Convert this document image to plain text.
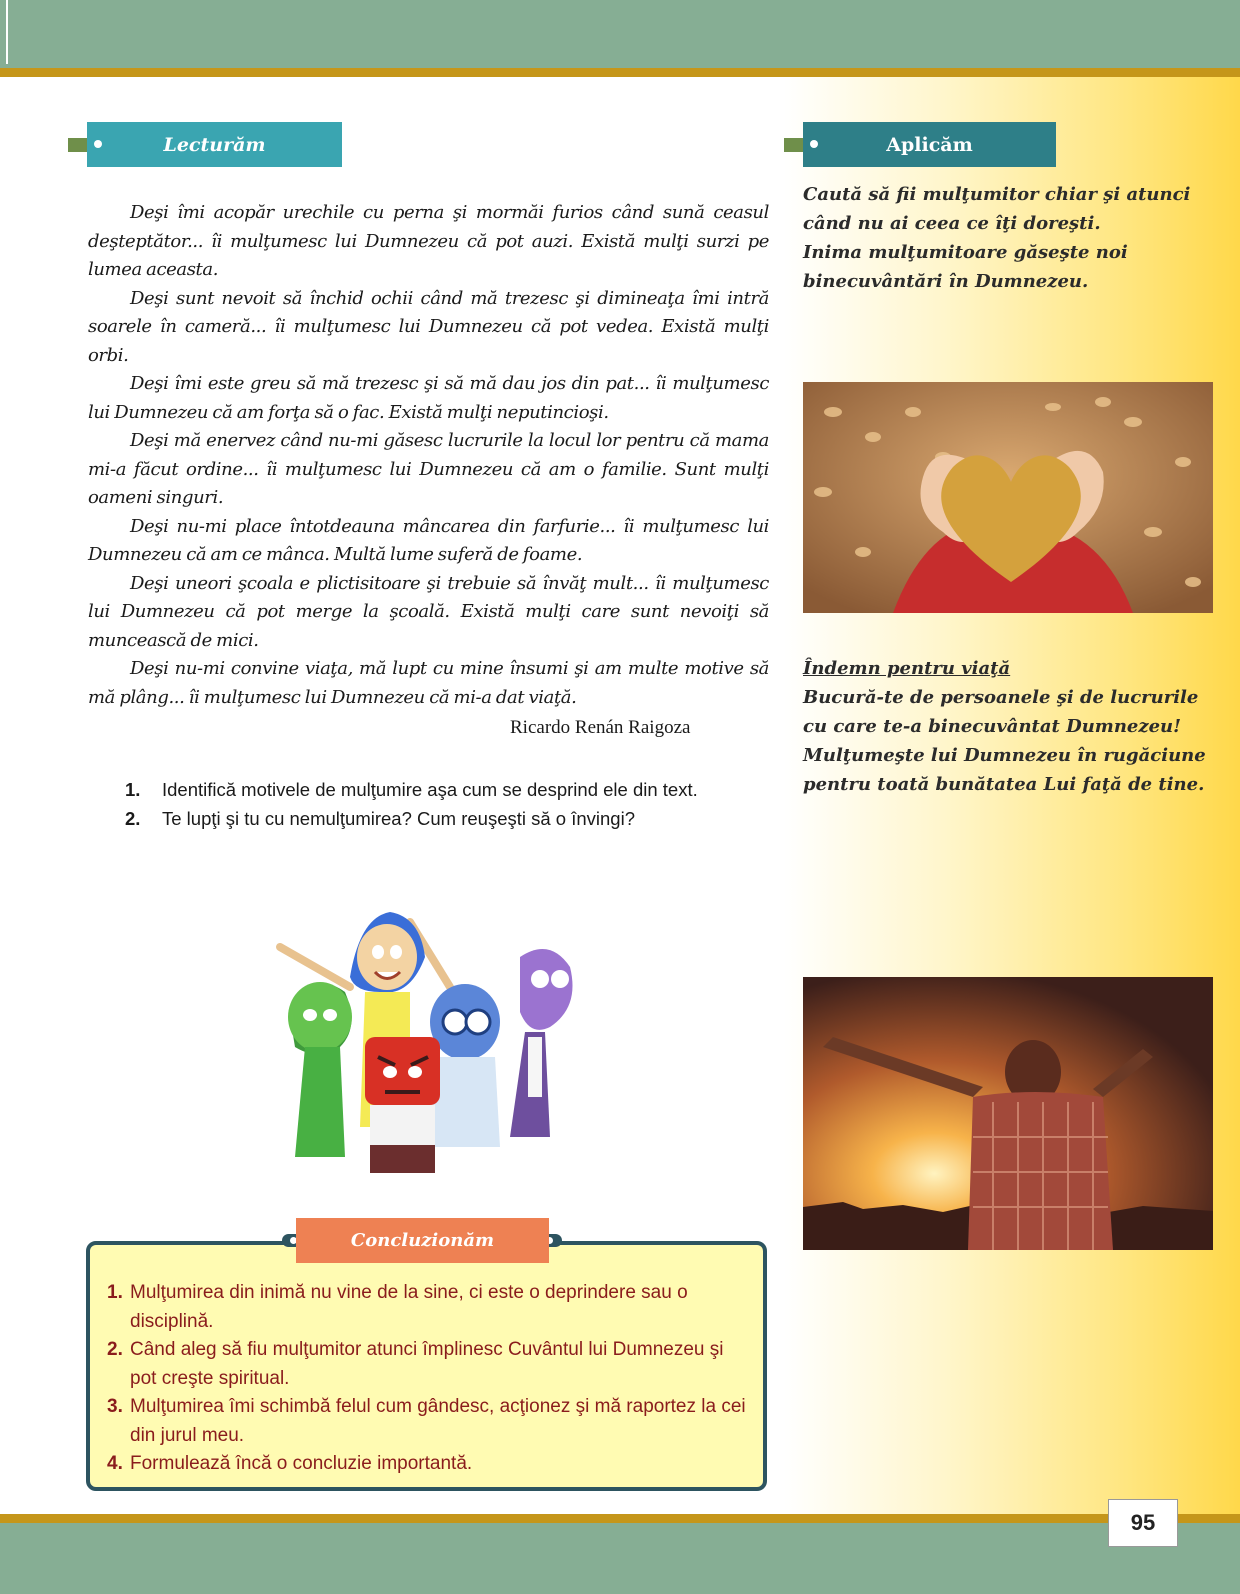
Lecturăm	Aplicăm

Deşi îmi acopăr urechile cu perna şi mormăi furios când sună ceasul deşteptător... îi mulţumesc lui Dumnezeu că pot auzi. Există mulţi surzi pe lumea aceasta.

Deşi sunt nevoit să închid ochii când mă trezesc şi dimineaţa îmi intră soarele în cameră... îi mulţumesc lui Dumnezeu că pot vedea. Există mulţi orbi.

Deşi îmi este greu să mă trezesc şi să mă dau jos din pat... îi mulţumesc lui Dumnezeu că am forţa să o fac. Există mulţi neputincioşi.

Deşi mă enervez când nu-mi găsesc lucrurile la locul lor pentru că mama mi-a făcut ordine... îi mulţumesc lui Dumnezeu că am o familie. Sunt mulţi oameni singuri.

Deşi nu-mi place întotdeauna mâncarea din farfurie... îi mulţumesc lui Dumnezeu că am ce mânca. Multă lume suferă de foame.

Deşi uneori şcoala e plictisitoare şi trebuie să învăţ mult... îi mulţumesc lui Dumnezeu că pot merge la şcoală. Există mulţi care sunt nevoiţi să muncească de mici.

Deşi nu-mi convine viaţa, mă lupt cu mine însumi şi am multe motive să mă plâng... îi mulţumesc lui Dumnezeu că mi-a dat viaţă.

Ricardo Renán Raigoza
1.	Identifică motivele de mulţumire aşa cum se desprind ele din text.
2.	Te lupţi şi tu cu nemulţumirea? Cum reuşeşti să o învingi?
Concluzionăm
1. Mulţumirea din inimă nu vine de la sine, ci este o deprindere sau o disciplină.
2. Când aleg să fiu mulţumitor atunci împlinesc Cuvântul lui Dumnezeu şi pot creşte spiritual.
3. Mulţumirea îmi schimbă felul cum gândesc, acţionez şi mă raportez la cei din jurul meu.
4. Formulează încă o concluzie importantă.

Caută să fii mulţumitor chiar şi atunci când nu ai ceea ce îţi doreşti.

Inima mulţumitoare găseşte noi binecuvântări în Dumnezeu.

Îndemn pentru viaţă

Bucură-te de persoanele şi de lucrurile cu care te-a binecuvântat Dumnezeu! Mulţumeşte lui Dumnezeu în rugăciune pentru toată bunătatea Lui faţă de tine.

95
